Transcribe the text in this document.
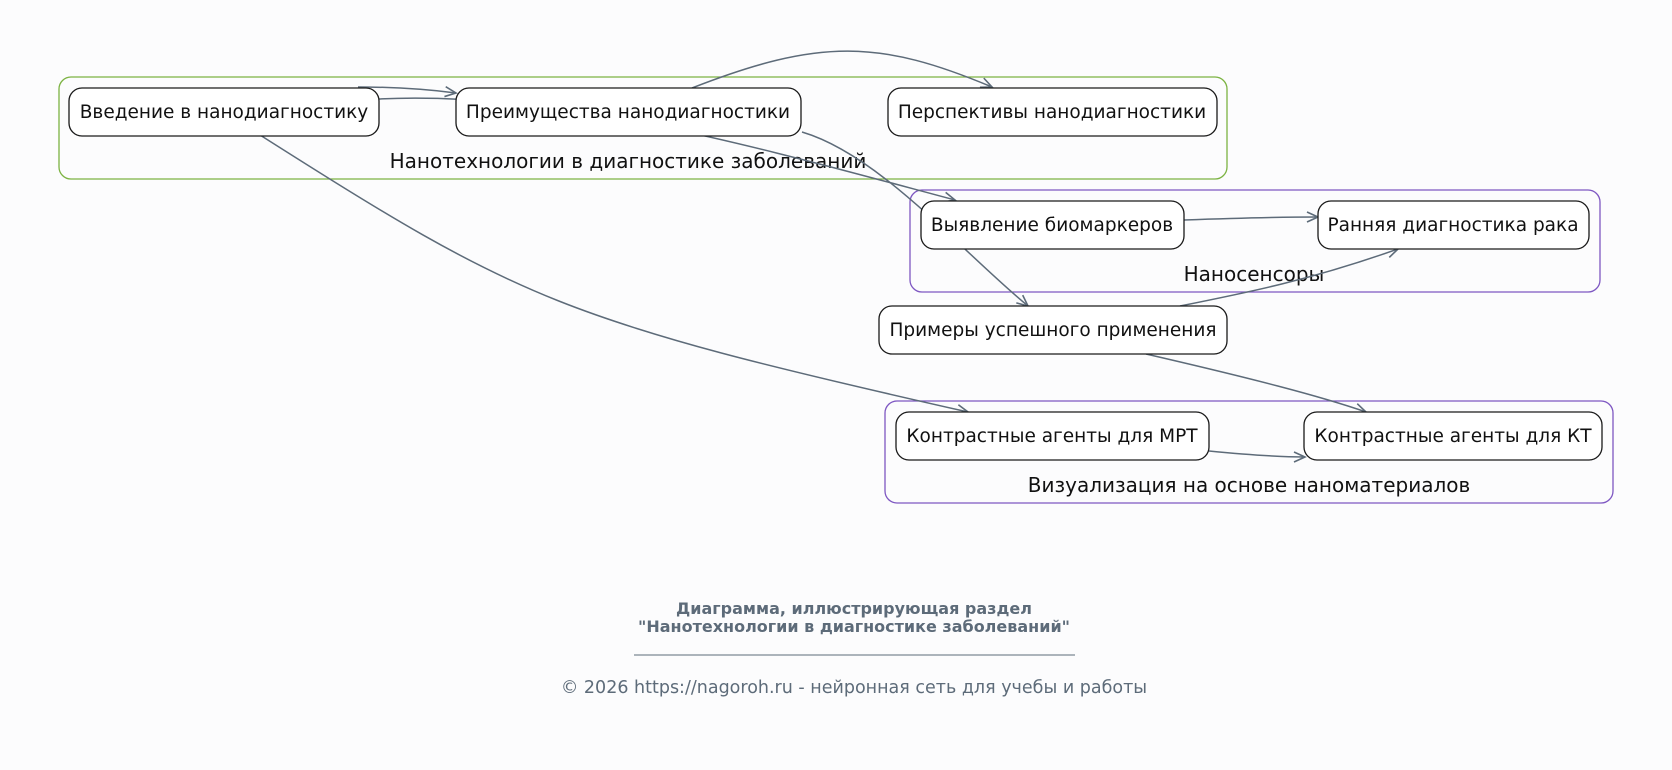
Нанотехнологии в диагностике заболеваний
Наносенсоры
Визуализация на основе наноматериалов
Введение в нанодиагностику	Преимущества нанодиагностики	Перспективы нанодиагностики
Выявление биомаркеров	Ранняя диагностика рака
Примеры успешного применения
Контрастные агенты для МРТ	Контрастные агенты для КТ
Диаграмма, иллюстрирующая раздел
"Нанотехнологии в диагностике заболеваний"
© 2026 https://nagoroh.ru - нейронная сеть для учебы и работы
